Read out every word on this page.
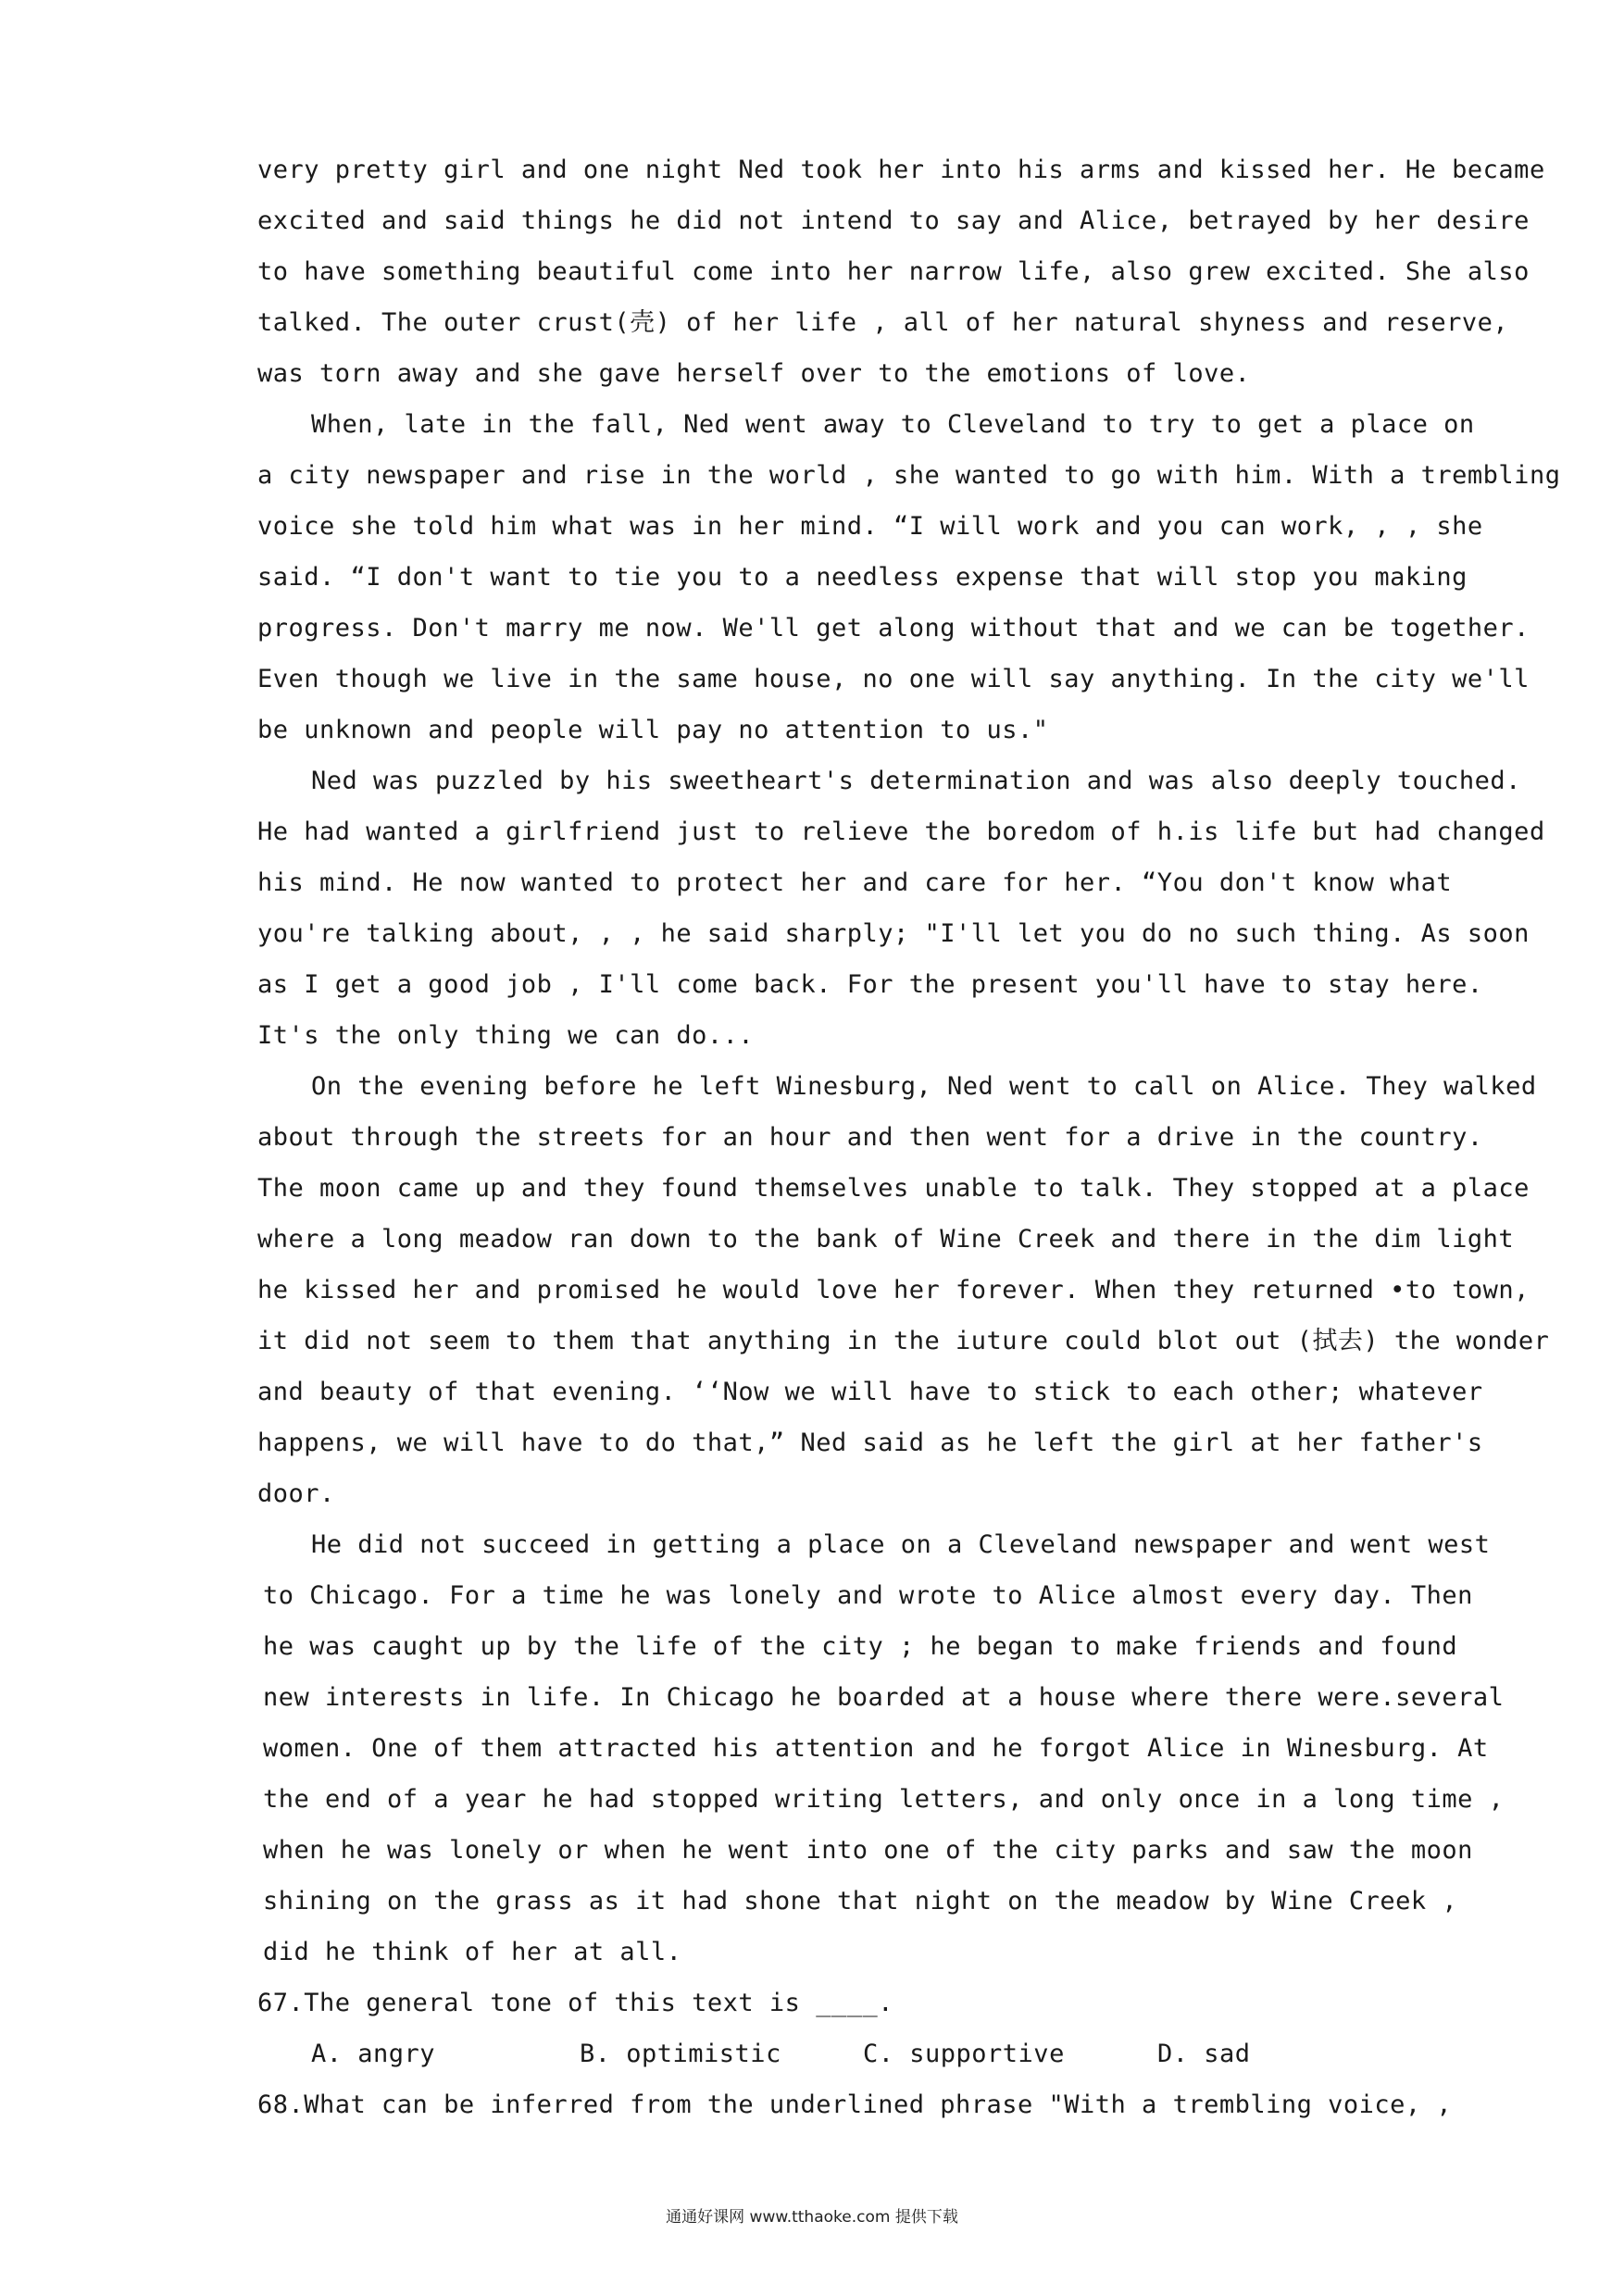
very pretty girl and one night Ned took her into his arms and kissed her. He became
excited and said things he did not intend to say and Alice, betrayed by her desire
to have something beautiful come into her narrow life, also grew excited. She also
talked. The outer crust(壳) of her life , all of her natural shyness and reserve,
was torn away and she gave herself over to the emotions of love.
When, late in the fall, Ned went away to Cleveland to try to get a place on
a city newspaper and rise in the world , she wanted to go with him. With a trembling
voice she told him what was in her mind. “I will work and you can work, , , she
said. “I don't want to tie you to a needless expense that will stop you making
progress. Don't marry me now. We'll get along without that and we can be together.
Even though we live in the same house, no one will say anything. In the city we'll
be unknown and people will pay no attention to us."
Ned was puzzled by his sweetheart's determination and was also deeply touched.
He had wanted a girlfriend just to relieve the boredom of h.is life but had changed
his mind. He now wanted to protect her and care for her. “You don't know what
you're talking about, , , he said sharply; "I'll let you do no such thing. As soon
as I get a good job , I'll come back. For the present you'll have to stay here.
It's the only thing we can do...
On the evening before he left Winesburg, Ned went to call on Alice. They walked
about through the streets for an hour and then went for a drive in the country.
The moon came up and they found themselves unable to talk. They stopped at a place
where a long meadow ran down to the bank of Wine Creek and there in the dim light
he kissed her and promised he would love her forever. When they returned •to town,
it did not seem to them that anything in the iuture could blot out (拭去) the wonder
and beauty of that evening. ‘‘Now we will have to stick to each other; whatever
happens, we will have to do that,” Ned said as he left the girl at her father's
door.
He did not succeed in getting a place on a Cleveland newspaper and went west
to Chicago. For a time he was lonely and wrote to Alice almost every day. Then
he was caught up by the life of the city ; he began to make friends and found
new interests in life. In Chicago he boarded at a house where there were.several
women. One of them attracted his attention and he forgot Alice in Winesburg. At
the end of a year he had stopped writing letters, and only once in a long time ,
when he was lonely or when he went into one of the city parks and saw the moon
shining on the grass as it had shone that night on the meadow by Wine Creek ,
did he think of her at all.
67.The general tone of this text is ____.
A. angry	B. optimistic	C. supportive	D. sad
68.What can be inferred from the underlined phrase "With a trembling voice, ,
通通好课网 www.tthaoke.com 提供下载
